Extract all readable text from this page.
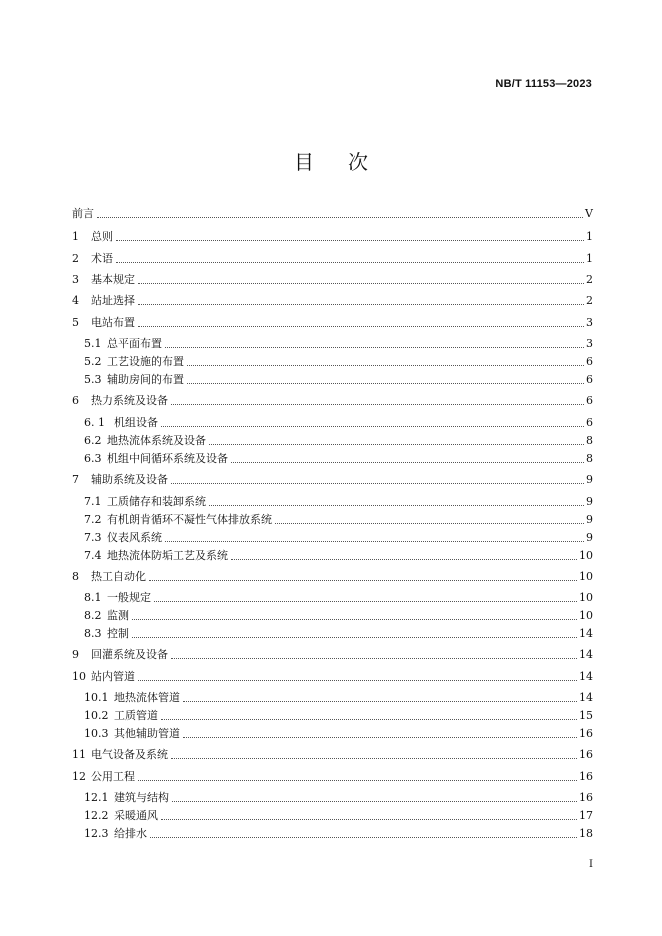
NB/T 11153—2023
目次
前言	V
1	总则	1
2	术语	1
3	基本规定	2
4	站址选择	2
5	电站布置	3
5.1 总平面布置	3
5.2 工艺设施的布置	6
5.3 辅助房间的布置	6
6	热力系统及设备	6
6. 1 机组设备	6
6.2 地热流体系统及设备	8
6.3 机组中间循环系统及设备	8
7	辅助系统及设备	9
7.1 工质储存和装卸系统	9
7.2 有机朗肯循环不凝性气体排放系统	9
7.3 仪表风系统	9
7.4 地热流体防垢工艺及系统	10
8	热工自动化	10
8.1 一般规定	10
8.2 监测	10
8.3 控制	14
9	回灌系统及设备	14
10 站内管道	14
10.1 地热流体管道	14
10.2 工质管道	15
10.3 其他辅助管道	16
11 电气设备及系统	16
12 公用工程	16
12.1 建筑与结构	16
12.2 采暖通风	17
12.3 给排水	18
I
